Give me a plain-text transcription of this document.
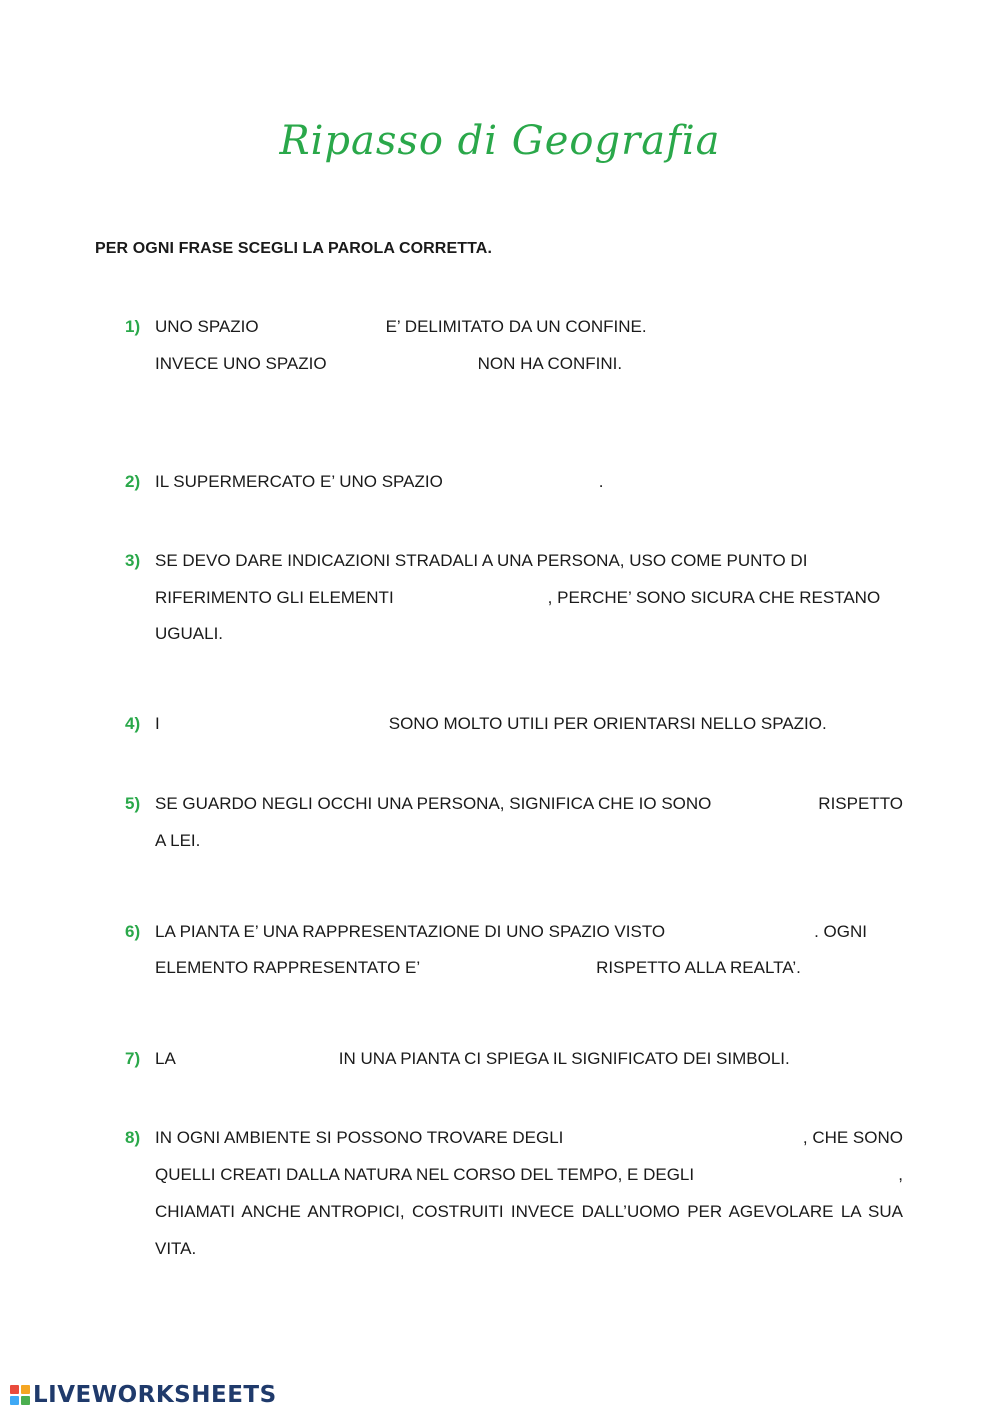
Ripasso di Geografia
PER OGNI FRASE SCEGLI LA PAROLA CORRETTA.
1) UNO SPAZIO	E’ DELIMITATO DA UN CONFINE.
INVECE UNO SPAZIO	NON HA CONFINI.
2) IL SUPERMERCATO E’ UNO SPAZIO	.
3) SE DEVO DARE INDICAZIONI STRADALI A UNA PERSONA, USO COME PUNTO DI
RIFERIMENTO GLI ELEMENTI	, PERCHE’ SONO SICURA CHE RESTANO
UGUALI.
4) I	SONO MOLTO UTILI PER ORIENTARSI NELLO SPAZIO.
5) SE GUARDO NEGLI OCCHI UNA PERSONA, SIGNIFICA CHE IO SONO	RISPETTO
A LEI.
6) LA PIANTA E’ UNA RAPPRESENTAZIONE DI UNO SPAZIO VISTO	. OGNI
ELEMENTO RAPPRESENTATO E’	RISPETTO ALLA REALTA’.
7) LA	IN UNA PIANTA CI SPIEGA IL SIGNIFICATO DEI SIMBOLI.
8) IN OGNI AMBIENTE SI POSSONO TROVARE DEGLI	, CHE SONO
QUELLI CREATI DALLA NATURA NEL CORSO DEL TEMPO, E DEGLI	,
CHIAMATI ANCHE ANTROPICI, COSTRUITI INVECE DALL’UOMO PER AGEVOLARE LA SUA
VITA.
LIVEWORKSHEETS
